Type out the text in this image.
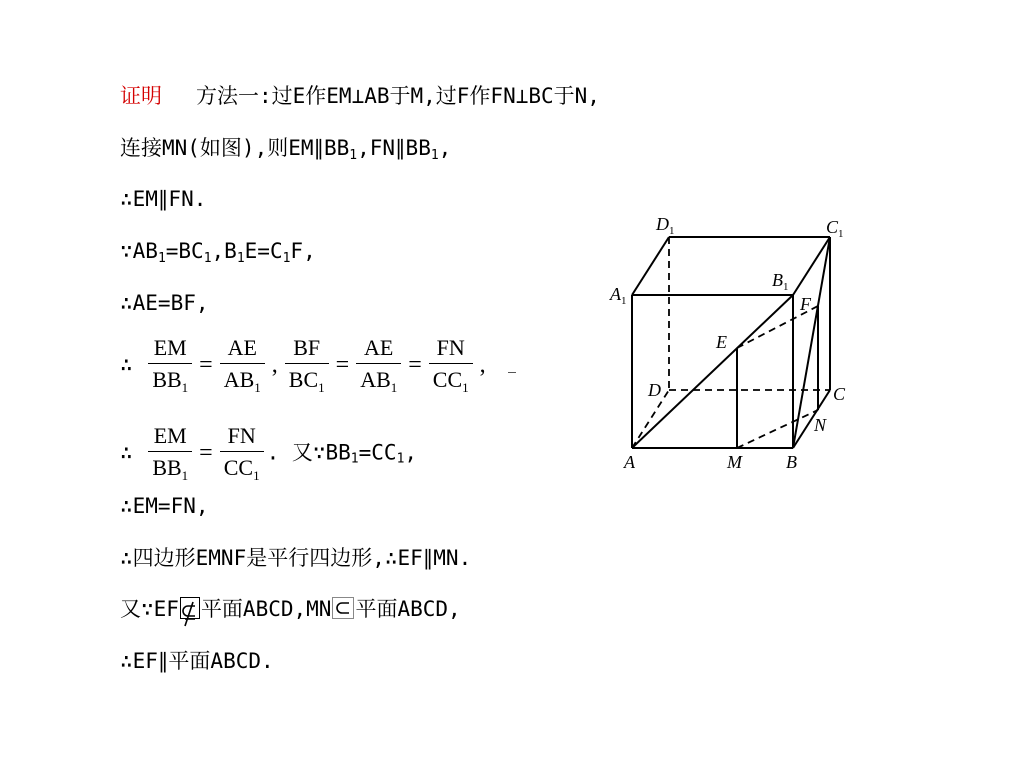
证明 方法一:过E作EM⊥AB于M,过F作FN⊥BC于N,
连接MN(如图),则$EM\parallel BB_1,FN\parallel BB_1$,
∴EM∥FN.
$\because AB_1=BC_1,B_1E=C_1F$,
∴AE=BF,
∴ $\frac{EM}{BB_1} = \frac{AE}{AB_1}$ , $\frac{BF}{BC_1} = \frac{AE}{AB_1} = \frac{FN}{CC_1}$ ,
∴ $\frac{EM}{BB_1} = \frac{FN}{CC_1}$ . 又$\because BB_1=CC_1$,
∴EM=FN,
∴四边形EMNF是平行四边形,∴EF∥MN.
又∵EF 平面ABCD,MN 平面ABCD,
∴EF∥平面ABCD.
$D_1$	$C_1$
$A_1$
$B_1$
F
E
D	C
N
A	M B
